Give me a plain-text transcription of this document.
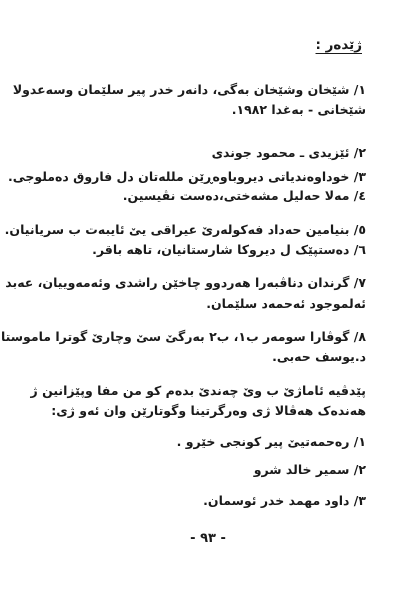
ژێدەر :
١/ شێخان وشێخان بەگی، دانەر خدر پیر سلێمان وسەعدولا
شێخانی - بەغدا ١٩٨٢.
٢/ ئێزیدی ـ محمود جوندی
٣/ خوداوەندیاتی دیروباوەڕێن مللەتان دل فاروق دەملوجی.
٤/ مەلا حەلیل مشەختی،دەست نڤیسین.
٥/ بنیامین حەداد فەکولەرێ عیراقی یێ ئایبەت ب سریانیان.
٦/ دەستپێک ل دیروکا شارستانیان، تاهە باقر.
٧/ گرندان دناڤبەرا هەردوو چاخێن راشدی وئەمەوییان، عەبد
ئەلموجود ئەحمەد سلێمان.
٨/ گوڤارا سومەر ب١، ب٢ بەرگێ سێ وچارێ گوترا ماموستا
د.یوسف حەبی.
پێدڤیە ئاماژێ ب وێ چەندێ بدەم کو من مفا وپێزانین ژ
هەندەک هەڤالا ژی وەرگرتینا وگوتارێن وان ئەو ژی:
١/ رەحمەتیێ پیر کونجی خێرو .
٢/ سمیر خالد شرو
٣/ داود مهمد خدر ئوسمان.
- ٩٣ -
